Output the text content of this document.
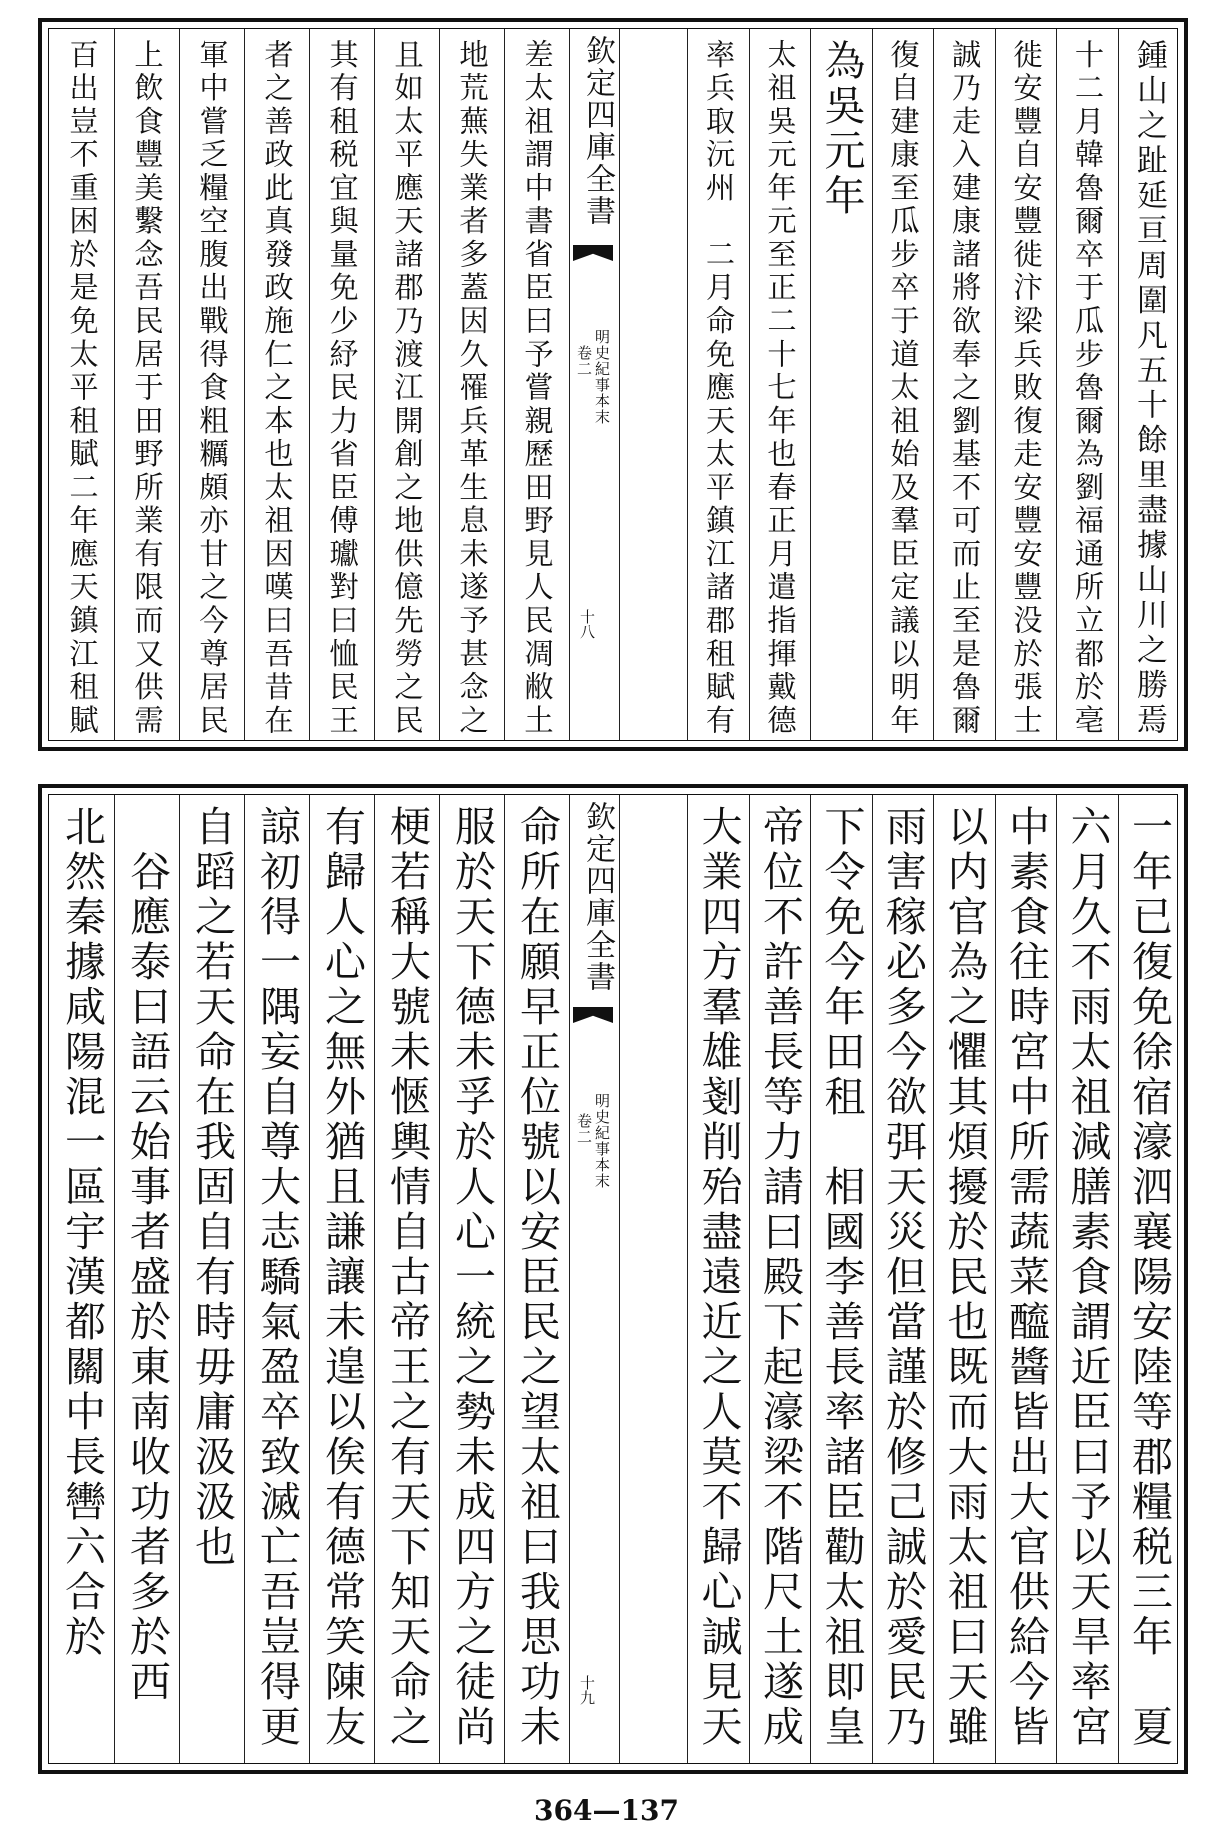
鍾山之趾延亘周圍凡五十餘里盡據山川之勝焉
十二月韓魯爾卒于瓜步魯爾為劉福通所立都於亳
徙安豐自安豐徙汴梁兵敗復走安豐安豐没於張士
誠乃走入建康諸將欲奉之劉基不可而止至是魯爾
復自建康至瓜步卒于道太祖始及羣臣定議以明年
為吳元年
太祖吳元年元至正二十七年也春正月遣指揮戴德
率兵取沅州　二月命免應天太平鎮江諸郡租賦有
差太祖謂中書省臣曰予嘗親歷田野見人民凋敝土
地荒蕪失業者多蓋因久罹兵革生息未遂予甚念之
且如太平應天諸郡乃渡江開創之地供億先勞之民
其有租税宜與量免少紓民力省臣傅瓛對曰恤民王
者之善政此真發政施仁之本也太祖因嘆曰吾昔在
軍中嘗乏糧空腹出戰得食粗糲頗亦甘之今尊居民
上飲食豐美繫念吾民居于田野所業有限而又供需
百出豈不重困於是免太平租賦二年應天鎮江租賦	欽定四庫全書
明史紀事本末
卷二
十八
一年已復免徐宿濠泗襄陽安陸等郡糧税三年　夏
六月久不雨太祖減膳素食謂近臣曰予以天旱率宮
中素食往時宮中所需蔬菜醯醬皆出大官供給今皆
以内官為之懼其煩擾於民也既而大雨太祖曰天雖
雨害稼必多今欲弭天災但當謹於修己誠於愛民乃
下令免今年田租　相國李善長率諸臣勸太祖即皇
帝位不許善長等力請曰殿下起濠梁不階尺土遂成
大業四方羣雄剗削殆盡遠近之人莫不歸心誠見天
命所在願早正位號以安臣民之望太祖曰我思功未
服於天下德未孚於人心一統之勢未成四方之徒尚
梗若稱大號未愜輿情自古帝王之有天下知天命之
有歸人心之無外猶且謙讓未遑以俟有德常笑陳友
諒初得一隅妄自尊大志驕氣盈卒致滅亡吾豈得更
自蹈之若天命在我固自有時毋庸汲汲也
　谷應泰曰語云始事者盛於東南收功者多於西
北然秦據咸陽混一區宇漢都關中長轡六合於	欽定四庫全書
明史紀事本末
卷二
十九
364—137
